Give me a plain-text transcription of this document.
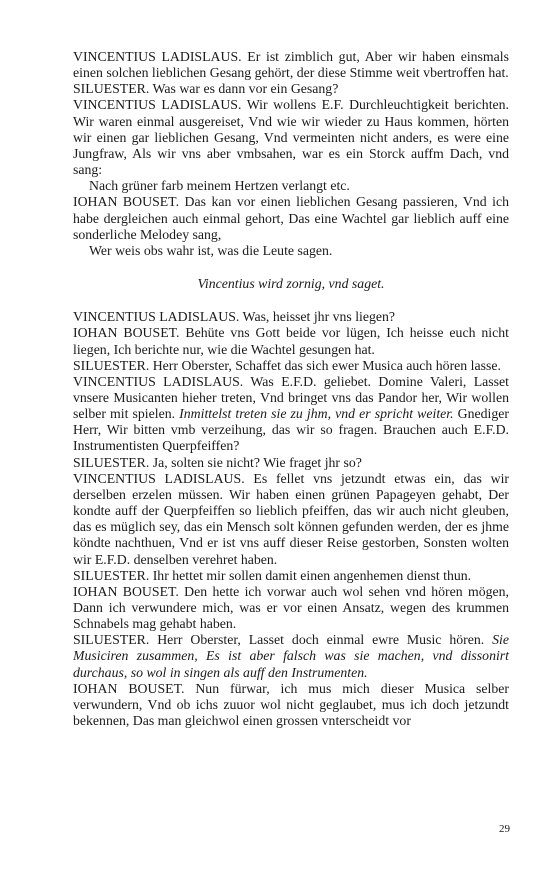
VINCENTIUS LADISLAUS. Er ist zimblich gut, Aber wir haben einsmals einen solchen lieblichen Gesang gehört, der diese Stimme weit vbertroffen hat.

SILUESTER. Was war es dann vor ein Gesang?

VINCENTIUS LADISLAUS. Wir wollens E.F. Durchleuchtigkeit berichten. Wir waren einmal ausgereiset, Vnd wie wir wieder zu Haus kommen, hörten wir einen gar lieblichen Gesang, Vnd vermeinten nicht anders, es were eine Jungfraw, Als wir vns aber vmbsahen, war es ein Storck auffm Dach, vnd sang:

Nach grüner farb meinem Hertzen verlangt etc.

IOHAN BOUSET. Das kan vor einen lieblichen Gesang passieren, Vnd ich habe dergleichen auch einmal gehort, Das eine Wachtel gar lieblich auff eine sonderliche Melodey sang,

Wer weis obs wahr ist, was die Leute sagen.

Vincentius wird zornig, vnd saget.

VINCENTIUS LADISLAUS. Was, heisset jhr vns liegen?

IOHAN BOUSET. Behüte vns Gott beide vor lügen, Ich heisse euch nicht liegen, Ich berichte nur, wie die Wachtel gesungen hat.

SILUESTER. Herr Oberster, Schaffet das sich ewer Musica auch hören lasse.

VINCENTIUS LADISLAUS. Was E.F.D. geliebet. Domine Valeri, Lasset vnsere Musicanten hieher treten, Vnd bringet vns das Pandor her, Wir wollen selber mit spielen. Inmittelst treten sie zu jhm, vnd er spricht weiter. Gnediger Herr, Wir bitten vmb verzeihung, das wir so fragen. Brauchen auch E.F.D. Instrumentisten Querpfeiffen?

SILUESTER. Ja, solten sie nicht? Wie fraget jhr so?

VINCENTIUS LADISLAUS. Es fellet vns jetzundt etwas ein, das wir derselben erzelen müssen. Wir haben einen grünen Papageyen gehabt, Der kondte auff der Querpfeiffen so lieblich pfeiffen, das wir auch nicht gleuben, das es müglich sey, das ein Mensch solt können gefunden werden, der es jhme köndte nachthuen, Vnd er ist vns auff dieser Reise gestorben, Sonsten wolten wir E.F.D. denselben verehret haben.

SILUESTER. Ihr hettet mir sollen damit einen angenhemen dienst thun.

IOHAN BOUSET. Den hette ich vorwar auch wol sehen vnd hören mögen, Dann ich verwundere mich, was er vor einen Ansatz, wegen des krummen Schnabels mag gehabt haben.

SILUESTER. Herr Oberster, Lasset doch einmal ewre Music hören. Sie Musiciren zusammen, Es ist aber falsch was sie machen, vnd dissonirt durchaus, so wol in singen als auff den Instrumenten.

IOHAN BOUSET. Nun fürwar, ich mus mich dieser Musica selber verwundern, Vnd ob ichs zuuor wol nicht geglaubet, mus ich doch jetzundt bekennen, Das man gleichwol einen grossen vnterscheidt vor

29
